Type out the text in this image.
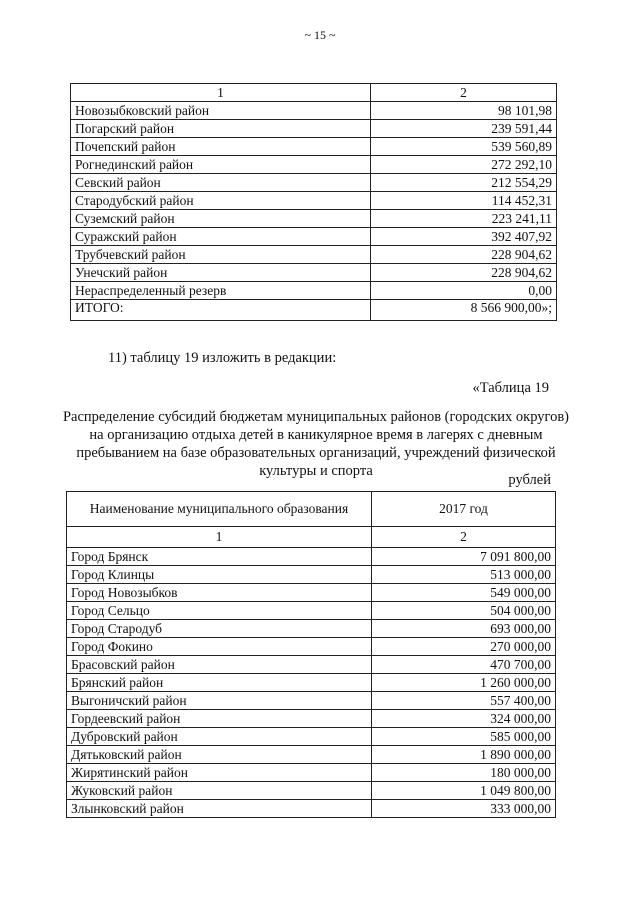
~ 15 ~
1	2
Новозыбковский район	98 101,98
Погарский район	239 591,44
Почепский район	539 560,89
Рогнединский район	272 292,10
Севский район	212 554,29
Стародубский район	114 452,31
Суземский район	223 241,11
Суражский район	392 407,92
Трубчевский район	228 904,62
Унечский район	228 904,62
Нераспределенный резерв	0,00
ИТОГО:	8 566 900,00»;
11) таблицу 19 изложить в редакции:
«Таблица 19
Распределение субсидий бюджетам муниципальных районов (городских округов) на организацию отдыха детей в каникулярное время в лагерях с дневным пребыванием на базе образовательных организаций, учреждений физической культуры и спорта
рублей
Наименование муниципального образования	2017 год
1	2
Город Брянск	7 091 800,00
Город Клинцы	513 000,00
Город Новозыбков	549 000,00
Город Сельцо	504 000,00
Город Стародуб	693 000,00
Город Фокино	270 000,00
Брасовский район	470 700,00
Брянский район	1 260 000,00
Выгоничский район	557 400,00
Гордеевский район	324 000,00
Дубровский район	585 000,00
Дятьковский район	1 890 000,00
Жирятинский район	180 000,00
Жуковский район	1 049 800,00
Злынковский район	333 000,00
